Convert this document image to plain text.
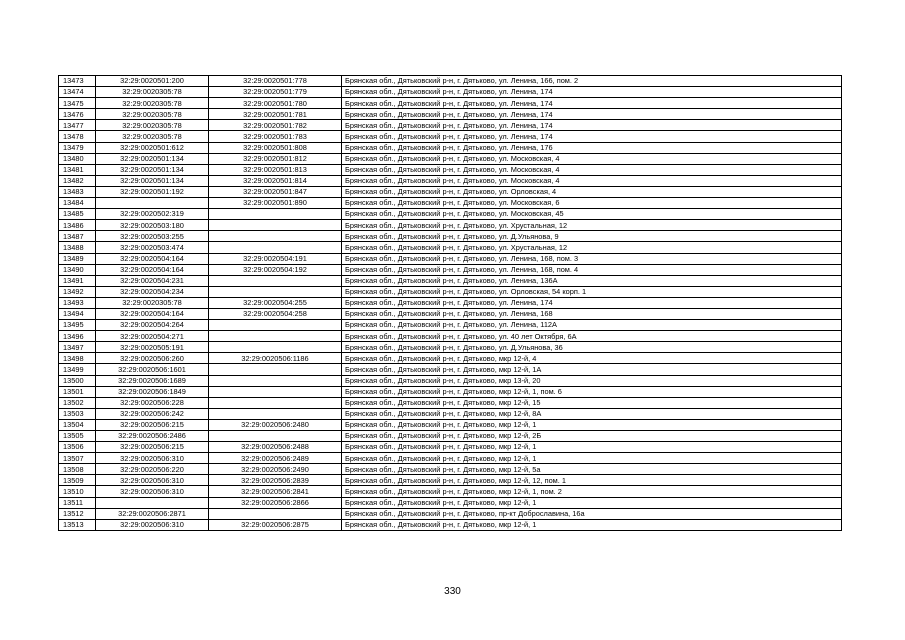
13473	32:29:0020501:200	32:29:0020501:778	Брянская обл., Дятьковский р-н, г. Дятьково, ул. Ленина, 166, пом. 2
13474	32:29:0020305:78	32:29:0020501:779	Брянская обл., Дятьковский р-н, г. Дятьково, ул. Ленина, 174
13475	32:29:0020305:78	32:29:0020501:780	Брянская обл., Дятьковский р-н, г. Дятьково, ул. Ленина, 174
13476	32:29:0020305:78	32:29:0020501:781	Брянская обл., Дятьковский р-н, г. Дятьково, ул. Ленина, 174
13477	32:29:0020305:78	32:29:0020501:782	Брянская обл., Дятьковский р-н, г. Дятьково, ул. Ленина, 174
13478	32:29:0020305:78	32:29:0020501:783	Брянская обл., Дятьковский р-н, г. Дятьково, ул. Ленина, 174
13479	32:29:0020501:612	32:29:0020501:808	Брянская обл., Дятьковский р-н, г. Дятьково, ул. Ленина, 176
13480	32:29:0020501:134	32:29:0020501:812	Брянская обл., Дятьковский р-н, г. Дятьково, ул. Московская, 4
13481	32:29:0020501:134	32:29:0020501:813	Брянская обл., Дятьковский р-н, г. Дятьково, ул. Московская, 4
13482	32:29:0020501:134	32:29:0020501:814	Брянская обл., Дятьковский р-н, г. Дятьково, ул. Московская, 4
13483	32:29:0020501:192	32:29:0020501:847	Брянская обл., Дятьковский р-н, г. Дятьково, ул. Орловская, 4
13484		32:29:0020501:890	Брянская обл., Дятьковский р-н, г. Дятьково, ул. Московская, 6
13485	32:29:0020502:319		Брянская обл., Дятьковский р-н, г. Дятьково, ул. Московская, 45
13486	32:29:0020503:180		Брянская обл., Дятьковский р-н, г. Дятьково, ул. Хрустальная, 12
13487	32:29:0020503:255		Брянская обл., Дятьковский р-н, г. Дятьково, ул. Д.Ульянова, 9
13488	32:29:0020503:474		Брянская обл., Дятьковский р-н, г. Дятьково, ул. Хрустальная, 12
13489	32:29:0020504:164	32:29:0020504:191	Брянская обл., Дятьковский р-н, г. Дятьково, ул. Ленина, 168, пом. 3
13490	32:29:0020504:164	32:29:0020504:192	Брянская обл., Дятьковский р-н, г. Дятьково, ул. Ленина, 168, пом. 4
13491	32:29:0020504:231		Брянская обл., Дятьковский р-н, г. Дятьково, ул. Ленина, 136А
13492	32:29:0020504:234		Брянская обл., Дятьковский р-н, г. Дятьково, ул. Орловская, 54 корп. 1
13493	32:29:0020305:78	32:29:0020504:255	Брянская обл., Дятьковский р-н, г. Дятьково, ул. Ленина, 174
13494	32:29:0020504:164	32:29:0020504:258	Брянская обл., Дятьковский р-н, г. Дятьково, ул. Ленина, 168
13495	32:29:0020504:264		Брянская обл., Дятьковский р-н, г. Дятьково, ул. Ленина, 112А
13496	32:29:0020504:271		Брянская обл., Дятьковский р-н, г. Дятьково, ул. 40 лет Октября, 6А
13497	32:29:0020505:191		Брянская обл., Дятьковский р-н, г. Дятьково, ул. Д.Ульянова, 36
13498	32:29:0020506:260	32:29:0020506:1186	Брянская обл., Дятьковский р-н, г. Дятьково, мкр 12-й, 4
13499	32:29:0020506:1601		Брянская обл., Дятьковский р-н, г. Дятьково, мкр 12-й, 1А
13500	32:29:0020506:1689		Брянская обл., Дятьковский р-н, г. Дятьково, мкр 13-й, 20
13501	32:29:0020506:1849		Брянская обл., Дятьковский р-н, г. Дятьково, мкр 12-й, 1, пом. 6
13502	32:29:0020506:228		Брянская обл., Дятьковский р-н, г. Дятьково, мкр 12-й, 15
13503	32:29:0020506:242		Брянская обл., Дятьковский р-н, г. Дятьково, мкр 12-й, 8А
13504	32:29:0020506:215	32:29:0020506:2480	Брянская обл., Дятьковский р-н, г. Дятьково, мкр 12-й, 1
13505	32:29:0020506:2486		Брянская обл., Дятьковский р-н, г. Дятьково, мкр 12-й, 2Б
13506	32:29:0020506:215	32:29:0020506:2488	Брянская обл., Дятьковский р-н, г. Дятьково, мкр 12-й, 1
13507	32:29:0020506:310	32:29:0020506:2489	Брянская обл., Дятьковский р-н, г. Дятьково, мкр 12-й, 1
13508	32:29:0020506:220	32:29:0020506:2490	Брянская обл., Дятьковский р-н, г. Дятьково, мкр 12-й, 5а
13509	32:29:0020506:310	32:29:0020506:2839	Брянская обл., Дятьковский р-н, г. Дятьково, мкр 12-й, 12, пом. 1
13510	32:29:0020506:310	32:29:0020506:2841	Брянская обл., Дятьковский р-н, г. Дятьково, мкр 12-й, 1, пом. 2
13511		32:29:0020506:2866	Брянская обл., Дятьковский р-н, г. Дятьково, мкр 12-й, 1
13512	32:29:0020506:2871		Брянская обл., Дятьковский р-н, г. Дятьково, пр-кт Доброславина, 16а
13513	32:29:0020506:310	32:29:0020506:2875	Брянская обл., Дятьковский р-н, г. Дятьково, мкр 12-й, 1
330
